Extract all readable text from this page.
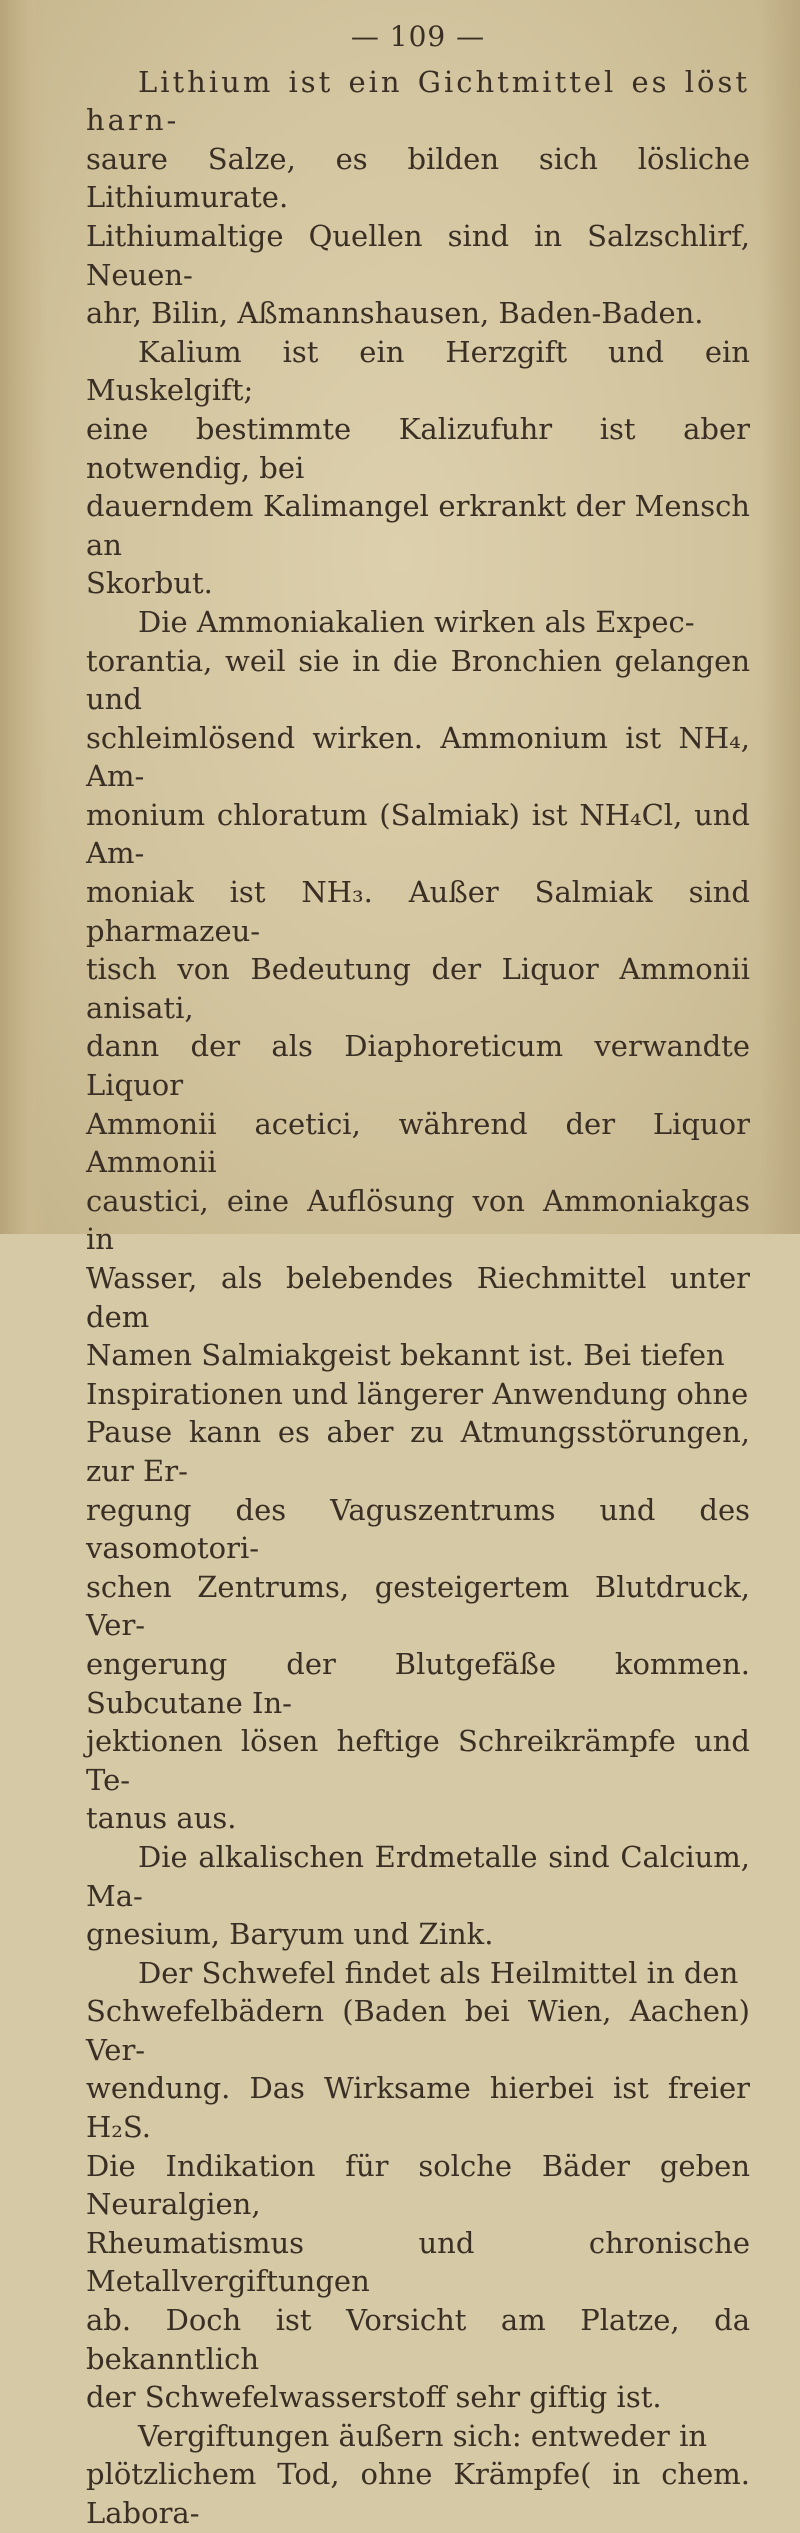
— 109 —

Lithium ist ein Gichtmittel es löst harn-
saure Salze, es bilden sich lösliche Lithiumurate.
Lithiumaltige Quellen sind in Salzschlirf, Neuen-
ahr, Bilin, Aßmannshausen, Baden-Baden.

Kalium ist ein Herzgift und ein Muskelgift;
eine bestimmte Kalizufuhr ist aber notwendig, bei
dauerndem Kalimangel erkrankt der Mensch an
Skorbut.

Die Ammoniakalien wirken als Expec-
torantia, weil sie in die Bronchien gelangen und
schleimlösend wirken. Ammonium ist NH₄, Am-
monium chloratum (Salmiak) ist NH₄Cl, und Am-
moniak ist NH₃. Außer Salmiak sind pharmazeu-
tisch von Bedeutung der Liquor Ammonii anisati,
dann der als Diaphoreticum verwandte Liquor
Ammonii acetici, während der Liquor Ammonii
caustici, eine Auflösung von Ammoniakgas in
Wasser, als belebendes Riechmittel unter dem
Namen Salmiakgeist bekannt ist. Bei tiefen
Inspirationen und längerer Anwendung ohne
Pause kann es aber zu Atmungsstörungen, zur Er-
regung des Vaguszentrums und des vasomotori-
schen Zentrums, gesteigertem Blutdruck, Ver-
engerung der Blutgefäße kommen. Subcutane In-
jektionen lösen heftige Schreikrämpfe und Te-
tanus aus.

Die alkalischen Erdmetalle sind Calcium, Ma-
gnesium, Baryum und Zink.

Der Schwefel findet als Heilmittel in den
Schwefelbädern (Baden bei Wien, Aachen) Ver-
wendung. Das Wirksame hierbei ist freier H₂S.
Die Indikation für solche Bäder geben Neuralgien,
Rheumatismus und chronische Metallvergiftungen
ab. Doch ist Vorsicht am Platze, da bekanntlich
der Schwefelwasserstoff sehr giftig ist.

Vergiftungen äußern sich: entweder in
plötzlichem Tod, ohne Krämpfe( in chem. Labora-
